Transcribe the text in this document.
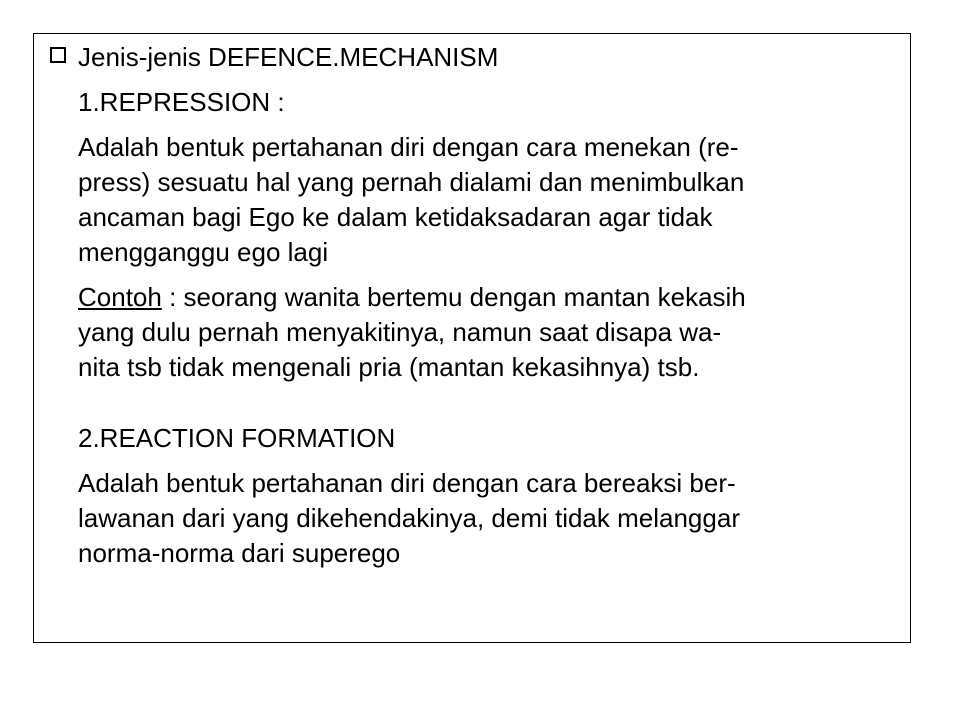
Jenis-jenis DEFENCE.MECHANISM
1.REPRESSION :
Adalah bentuk pertahanan diri dengan cara menekan (re-
press) sesuatu hal yang pernah dialami dan menimbulkan
ancaman bagi Ego ke dalam ketidaksadaran agar tidak
mengganggu ego lagi
Contoh : seorang wanita bertemu dengan mantan kekasih
yang dulu pernah menyakitinya, namun saat disapa wa-
nita tsb tidak mengenali pria (mantan kekasihnya) tsb.
2.REACTION FORMATION
Adalah bentuk pertahanan diri dengan cara bereaksi ber-
lawanan dari yang dikehendakinya, demi tidak melanggar
norma-norma dari superego
